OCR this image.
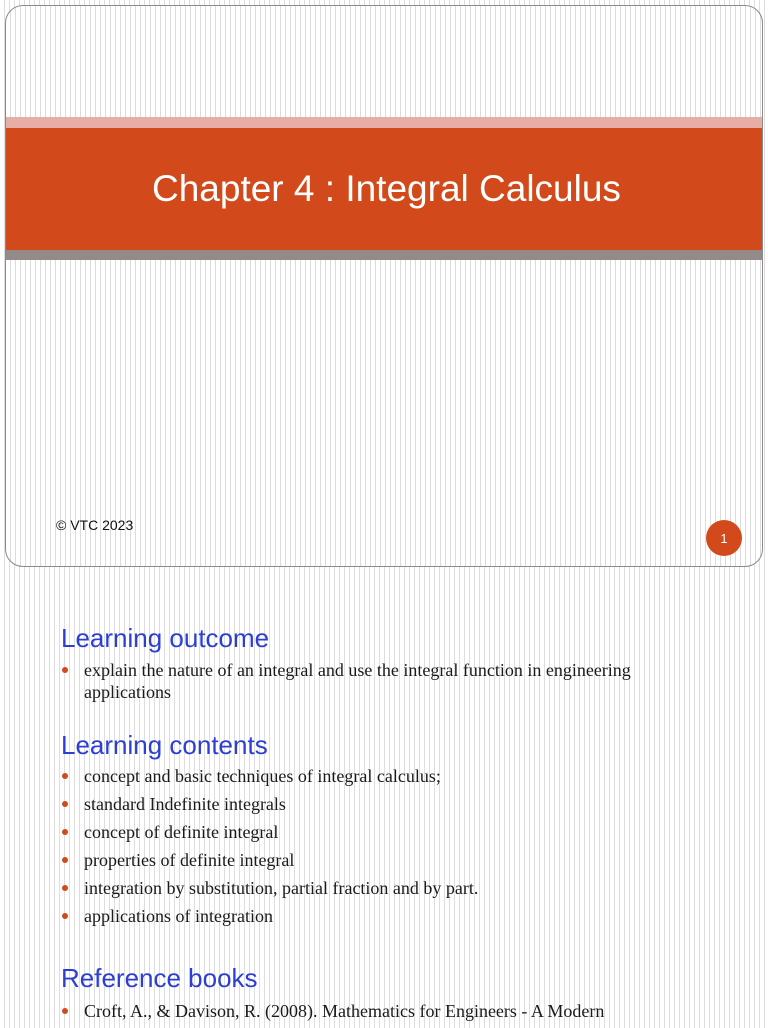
Chapter 4 : Integral Calculus
© VTC 2023
1
Learning outcome
explain the nature of an integral and use the integral function in engineering applications
Learning contents
concept and basic techniques of integral calculus;
standard Indefinite integrals
concept of definite integral
properties of definite integral
integration by substitution, partial fraction and by part.
applications of integration
Reference books
Croft, A., & Davison, R. (2008). Mathematics for Engineers - A Modern
